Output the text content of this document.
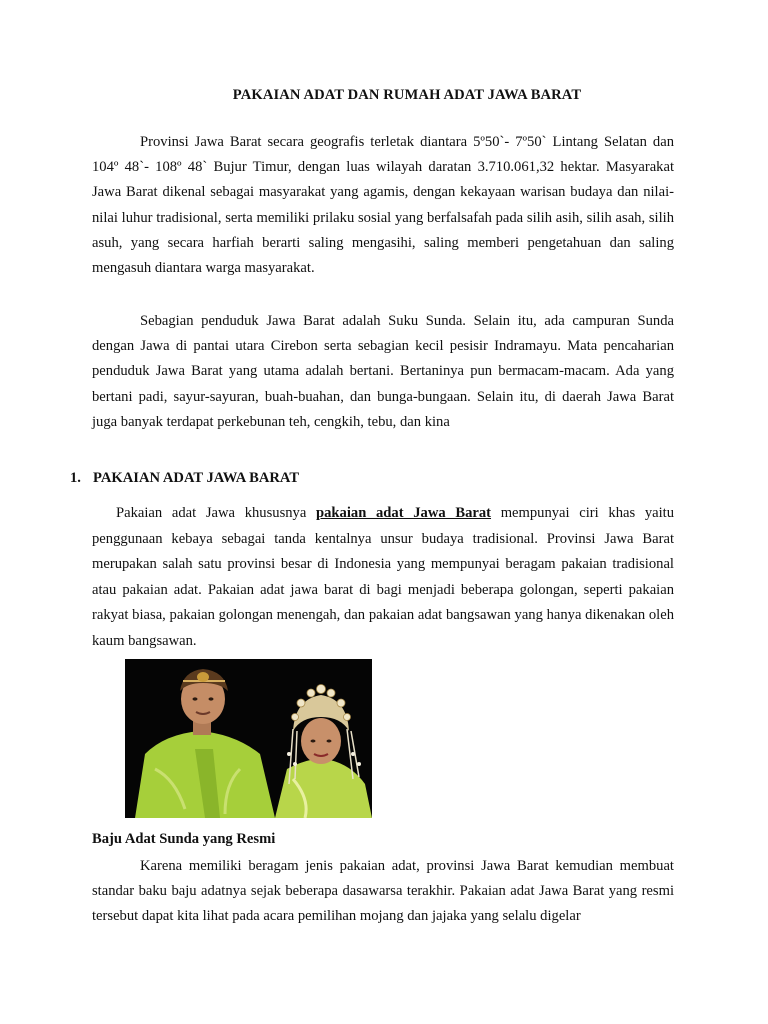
PAKAIAN ADAT DAN RUMAH ADAT JAWA BARAT

Provinsi Jawa Barat secara geografis terletak diantara 5º50`- 7º50` Lintang Selatan dan 104º 48`- 108º 48` Bujur Timur, dengan luas wilayah daratan 3.710.061,32 hektar. Masyarakat Jawa Barat dikenal sebagai masyarakat yang agamis, dengan kekayaan warisan budaya dan nilai-nilai luhur tradisional, serta memiliki prilaku sosial yang berfalsafah pada silih asih, silih asah, silih asuh, yang secara harfiah berarti saling mengasihi, saling memberi pengetahuan dan saling mengasuh diantara warga masyarakat.

Sebagian penduduk Jawa Barat adalah Suku Sunda. Selain itu, ada campuran Sunda dengan Jawa di pantai utara Cirebon serta sebagian kecil pesisir Indramayu. Mata pencaharian penduduk Jawa Barat yang utama adalah bertani. Bertaninya pun bermacam-macam. Ada yang bertani padi, sayur-sayuran, buah-buahan, dan bunga-bungaan. Selain itu, di daerah Jawa Barat juga banyak terdapat perkebunan teh, cengkih, tebu, dan kina

1. PAKAIAN ADAT JAWA BARAT

Pakaian adat Jawa khususnya pakaian adat Jawa Barat mempunyai ciri khas yaitu penggunaan kebaya sebagai tanda kentalnya unsur budaya tradisional. Provinsi Jawa Barat merupakan salah satu provinsi besar di Indonesia yang mempunyai beragam pakaian tradisional atau pakaian adat. Pakaian adat jawa barat di bagi menjadi beberapa golongan, seperti pakaian rakyat biasa, pakaian golongan menengah, dan pakaian adat bangsawan yang hanya dikenakan oleh kaum bangsawan.

Baju Adat Sunda yang Resmi

Karena memiliki beragam jenis pakaian adat, provinsi Jawa Barat kemudian membuat standar baku baju adatnya sejak beberapa dasawarsa terakhir. Pakaian adat Jawa Barat yang resmi tersebut dapat kita lihat pada acara pemilihan mojang dan jajaka yang selalu digelar
